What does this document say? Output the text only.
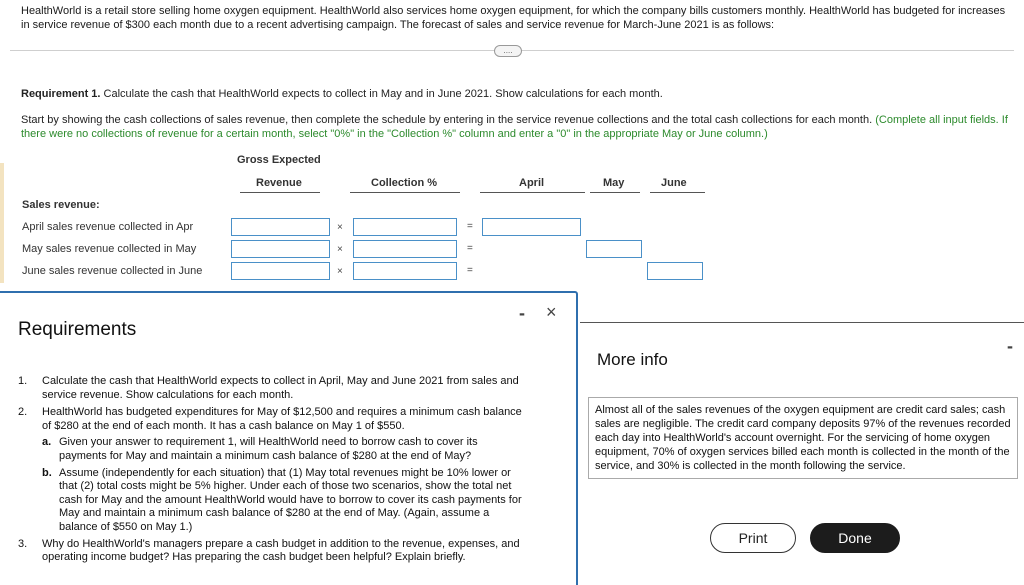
HealthWorld is a retail store selling home oxygen equipment. HealthWorld also services home oxygen equipment, for which the company bills customers monthly. HealthWorld has budgeted for increases in service revenue of $300 each month due to a recent advertising campaign. The forecast of sales and service revenue for March-June 2021 is as follows:
....
Requirement 1. Calculate the cash that HealthWorld expects to collect in May and in June 2021. Show calculations for each month.
Start by showing the cash collections of sales revenue, then complete the schedule by entering in the service revenue collections and the total cash collections for each month. (Complete all input fields. If there were no collections of revenue for a certain month, select "0%" in the "Collection %" column and enter a "0" in the appropriate May or June column.)
Gross Expected
Revenue	Collection %	April	May	June
Sales revenue:
April sales revenue collected in Apr	×	=
May sales revenue collected in May	×	=
June sales revenue collected in June	×	=
Requirements
- ×
1. Calculate the cash that HealthWorld expects to collect in April, May and June 2021 from sales and service revenue. Show calculations for each month.
2. HealthWorld has budgeted expenditures for May of $12,500 and requires a minimum cash balance of $280 at the end of each month. It has a cash balance on May 1 of $550.
a. Given your answer to requirement 1, will HealthWorld need to borrow cash to cover its payments for May and maintain a minimum cash balance of $280 at the end of May?
b. Assume (independently for each situation) that (1) May total revenues might be 10% lower or that (2) total costs might be 5% higher. Under each of those two scenarios, show the total net cash for May and the amount HealthWorld would have to borrow to cover its cash payments for May and maintain a minimum cash balance of $280 at the end of May. (Again, assume a balance of $550 on May 1.)
3. Why do HealthWorld's managers prepare a cash budget in addition to the revenue, expenses, and operating income budget? Has preparing the cash budget been helpful? Explain briefly.
More info
-
Almost all of the sales revenues of the oxygen equipment are credit card sales; cash sales are negligible. The credit card company deposits 97% of the revenues recorded each day into HealthWorld's account overnight. For the servicing of home oxygen equipment, 70% of oxygen services billed each month is collected in the month of the service, and 30% is collected in the month following the service.
Print	Done
